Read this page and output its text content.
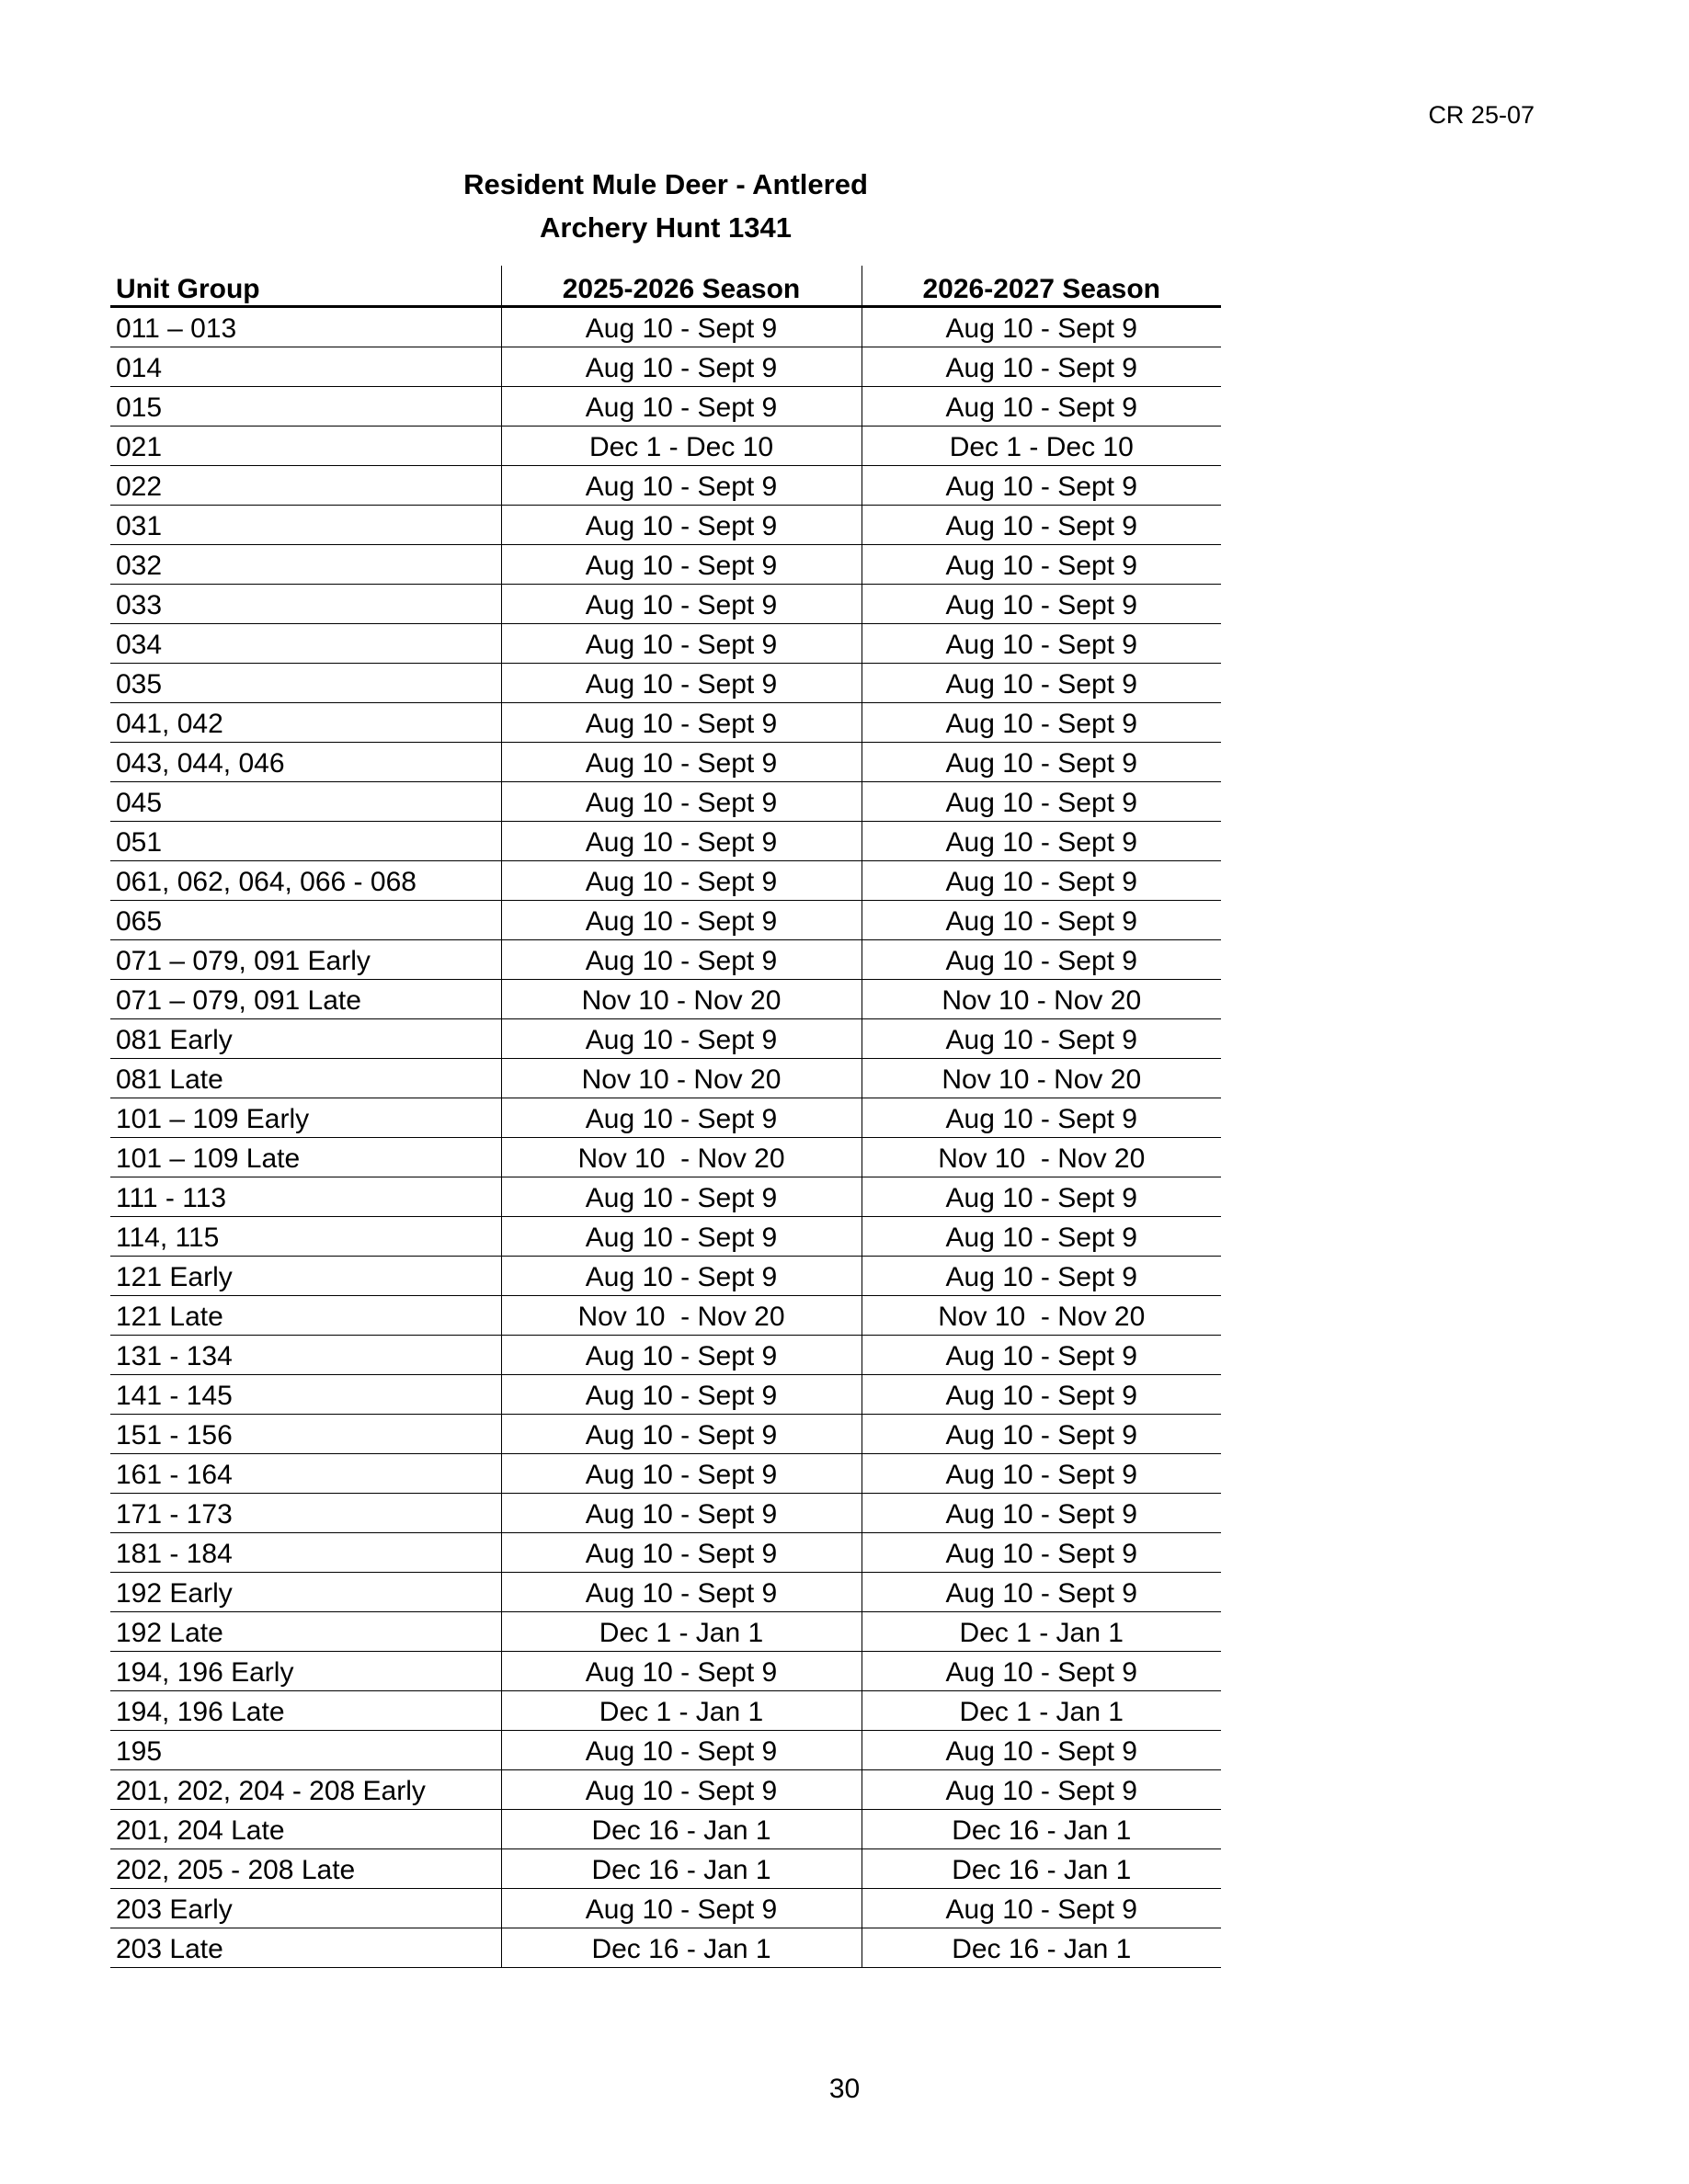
CR 25-07
Resident Mule Deer - Antlered
Archery Hunt 1341
Unit Group	2025-2026 Season	2026-2027 Season
011 – 013	Aug 10 - Sept 9	Aug 10 - Sept 9
014	Aug 10 - Sept 9	Aug 10 - Sept 9
015	Aug 10 - Sept 9	Aug 10 - Sept 9
021	Dec 1 - Dec 10	Dec 1 - Dec 10
022	Aug 10 - Sept 9	Aug 10 - Sept 9
031	Aug 10 - Sept 9	Aug 10 - Sept 9
032	Aug 10 - Sept 9	Aug 10 - Sept 9
033	Aug 10 - Sept 9	Aug 10 - Sept 9
034	Aug 10 - Sept 9	Aug 10 - Sept 9
035	Aug 10 - Sept 9	Aug 10 - Sept 9
041, 042	Aug 10 - Sept 9	Aug 10 - Sept 9
043, 044, 046	Aug 10 - Sept 9	Aug 10 - Sept 9
045	Aug 10 - Sept 9	Aug 10 - Sept 9
051	Aug 10 - Sept 9	Aug 10 - Sept 9
061, 062, 064, 066 - 068	Aug 10 - Sept 9	Aug 10 - Sept 9
065	Aug 10 - Sept 9	Aug 10 - Sept 9
071 – 079, 091 Early	Aug 10 - Sept 9	Aug 10 - Sept 9
071 – 079, 091 Late	Nov 10 - Nov 20	Nov 10 - Nov 20
081 Early	Aug 10 - Sept 9	Aug 10 - Sept 9
081 Late	Nov 10 - Nov 20	Nov 10 - Nov 20
101 – 109 Early	Aug 10 - Sept 9	Aug 10 - Sept 9
101 – 109 Late	Nov 10  - Nov 20	Nov 10  - Nov 20
111 - 113	Aug 10 - Sept 9	Aug 10 - Sept 9
114, 115	Aug 10 - Sept 9	Aug 10 - Sept 9
121 Early	Aug 10 - Sept 9	Aug 10 - Sept 9
121 Late	Nov 10  - Nov 20	Nov 10  - Nov 20
131 - 134	Aug 10 - Sept 9	Aug 10 - Sept 9
141 - 145	Aug 10 - Sept 9	Aug 10 - Sept 9
151 - 156	Aug 10 - Sept 9	Aug 10 - Sept 9
161 - 164	Aug 10 - Sept 9	Aug 10 - Sept 9
171 - 173	Aug 10 - Sept 9	Aug 10 - Sept 9
181 - 184	Aug 10 - Sept 9	Aug 10 - Sept 9
192 Early	Aug 10 - Sept 9	Aug 10 - Sept 9
192 Late	Dec 1 - Jan 1	Dec 1 - Jan 1
194, 196 Early	Aug 10 - Sept 9	Aug 10 - Sept 9
194, 196 Late	Dec 1 - Jan 1	Dec 1 - Jan 1
195	Aug 10 - Sept 9	Aug 10 - Sept 9
201, 202, 204 - 208 Early	Aug 10 - Sept 9	Aug 10 - Sept 9
201, 204 Late	Dec 16 - Jan 1	Dec 16 - Jan 1
202, 205 - 208 Late	Dec 16 - Jan 1	Dec 16 - Jan 1
203 Early	Aug 10 - Sept 9	Aug 10 - Sept 9
203 Late	Dec 16 - Jan 1	Dec 16 - Jan 1
30
